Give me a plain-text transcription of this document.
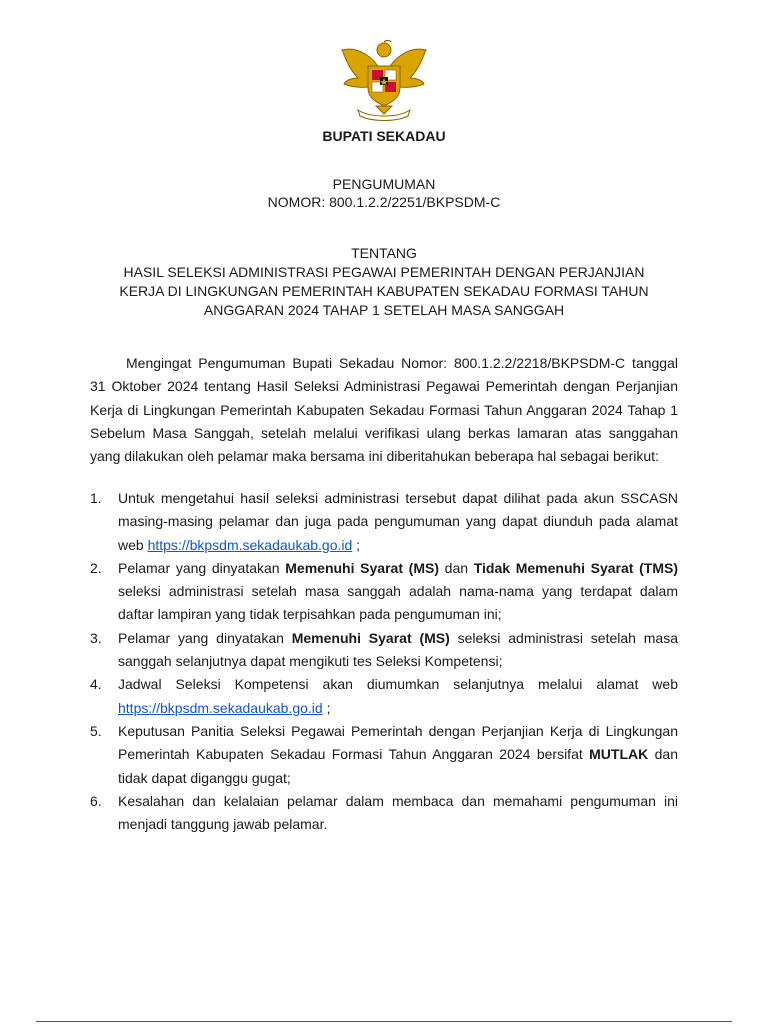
BUPATI SEKADAU
PENGUMUMAN
NOMOR: 800.1.2.2/2251/BKPSDM-C
TENTANG
HASIL SELEKSI ADMINISTRASI PEGAWAI PEMERINTAH DENGAN PERJANJIAN
KERJA DI LINGKUNGAN PEMERINTAH KABUPATEN SEKADAU FORMASI TAHUN
ANGGARAN 2024 TAHAP 1 SETELAH MASA SANGGAH

Mengingat Pengumuman Bupati Sekadau Nomor: 800.1.2.2/2218/BKPSDM-C tanggal 31 Oktober 2024 tentang Hasil Seleksi Administrasi Pegawai Pemerintah dengan Perjanjian Kerja di Lingkungan Pemerintah Kabupaten Sekadau Formasi Tahun Anggaran 2024 Tahap 1 Sebelum Masa Sanggah, setelah melalui verifikasi ulang berkas lamaran atas sanggahan yang dilakukan oleh pelamar maka bersama ini diberitahukan beberapa hal sebagai berikut:

1. Untuk mengetahui hasil seleksi administrasi tersebut dapat dilihat pada akun SSCASN masing-masing pelamar dan juga pada pengumuman yang dapat diunduh pada alamat web https://bkpsdm.sekadaukab.go.id ;
2. Pelamar yang dinyatakan Memenuhi Syarat (MS) dan Tidak Memenuhi Syarat (TMS) seleksi administrasi setelah masa sanggah adalah nama-nama yang terdapat dalam daftar lampiran yang tidak terpisahkan pada pengumuman ini;
3. Pelamar yang dinyatakan Memenuhi Syarat (MS) seleksi administrasi setelah masa sanggah selanjutnya dapat mengikuti tes Seleksi Kompetensi;
4. Jadwal Seleksi Kompetensi akan diumumkan selanjutnya melalui alamat web https://bkpsdm.sekadaukab.go.id ;
5. Keputusan Panitia Seleksi Pegawai Pemerintah dengan Perjanjian Kerja di Lingkungan Pemerintah Kabupaten Sekadau Formasi Tahun Anggaran 2024 bersifat MUTLAK dan tidak dapat diganggu gugat;
6. Kesalahan dan kelalaian pelamar dalam membaca dan memahami pengumuman ini menjadi tanggung jawab pelamar.
